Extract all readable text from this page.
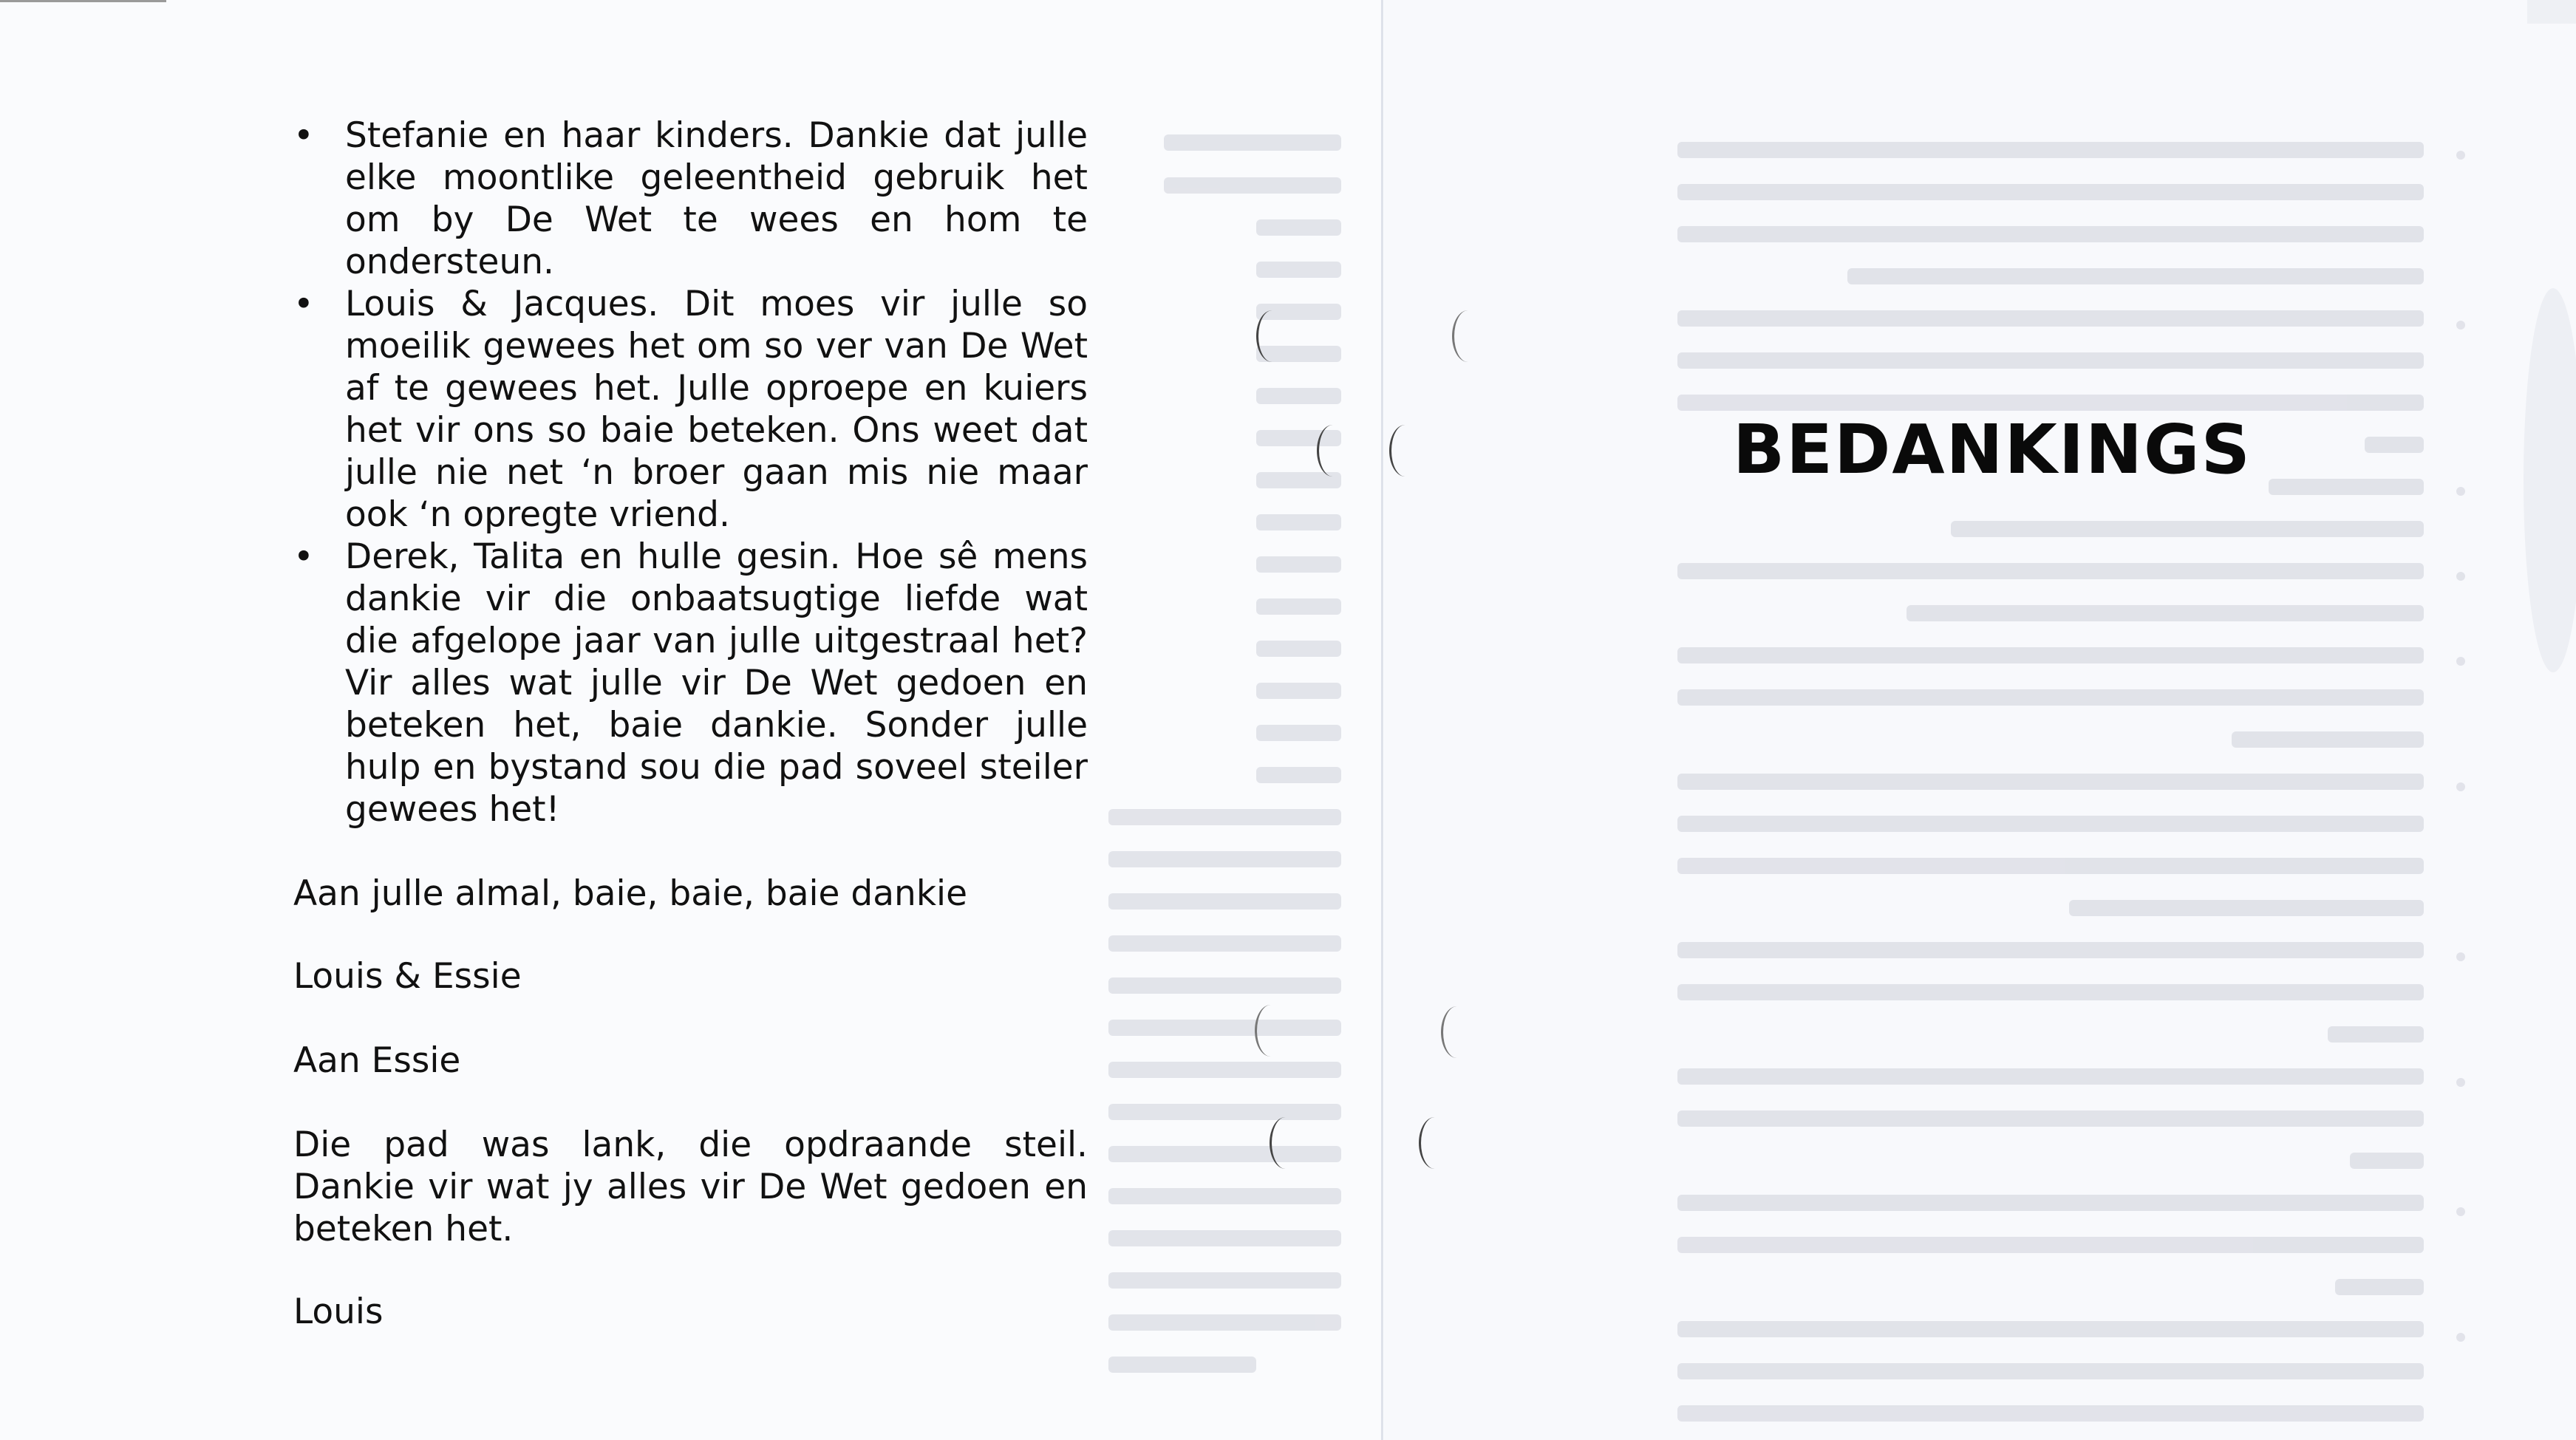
• Stefanie en haar kinders. Dankie dat julle elke moontlike geleentheid gebruik het om by De Wet te wees en hom te ondersteun.
• Louis & Jacques. Dit moes vir julle so moeilik gewees het om so ver van De Wet af te gewees het. Julle oproepe en kuiers het vir ons so baie beteken. Ons weet dat julle nie net ‘n broer gaan mis nie maar ook ‘n opregte vriend.
• Derek, Talita en hulle gesin. Hoe sê mens dankie vir die onbaatsugtige liefde wat die afgelope jaar van julle uitgestraal het? Vir alles wat julle vir De Wet gedoen en beteken het, baie dankie. Sonder julle hulp en bystand sou die pad soveel steiler gewees het!

Aan julle almal, baie, baie, baie dankie

Louis & Essie

Aan Essie

Die pad was lank, die opdraande steil. Dankie vir wat jy alles vir De Wet gedoen en beteken het.

Louis

BEDANKINGS
